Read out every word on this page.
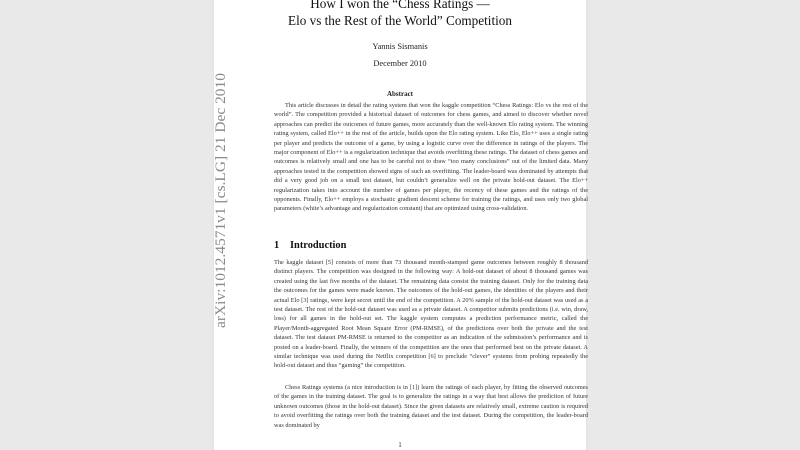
How I won the “Chess Ratings —
Elo vs the Rest of the World” Competition
Yannis Sismanis
December 2010
Abstract
This article discusses in detail the rating system that won the kaggle competition “Chess Ratings: Elo vs the rest of the world”. The competition provided a historical dataset of outcomes for chess games, and aimed to discover whether novel approaches can predict the outcomes of future games, more accurately than the well-known Elo rating system. The winning rating system, called Elo++ in the rest of the article, builds upon the Elo rating system. Like Elo, Elo++ uses a single rating per player and predicts the outcome of a game, by using a logistic curve over the difference in ratings of the players. The major component of Elo++ is a regularization technique that avoids overfitting these ratings. The dataset of chess games and outcomes is relatively small and one has to be careful not to draw “too many conclusions” out of the limited data. Many approaches tested in the competition showed signs of such an overfitting. The leader-board was dominated by attempts that did a very good job on a small test dataset, but couldn’t generalize well on the private hold-out dataset. The Elo++ regularization takes into account the number of games per player, the recency of these games and the ratings of the opponents. Finally, Elo++ employs a stochastic gradient descent scheme for training the ratings, and uses only two global parameters (white’s advantage and regularization constant) that are optimized using cross-validation.
1 Introduction
The kaggle dataset [5] consists of more than 73 thousand month-stamped game outcomes between roughly 8 thousand distinct players. The competition was designed in the following way: A hold-out dataset of about 8 thousand games was created using the last five months of the dataset. The remaining data consist the training dataset. Only for the training data the outcomes for the games were made known. The outcomes of the hold-out games, the identities of the players and their actual Elo [3] ratings, were kept secret until the end of the competition. A 20% sample of the hold-out dataset was used as a test dataset. The rest of the hold-out dataset was used as a private dataset. A competitor submits predictions (i.e. win, draw, loss) for all games in the hold-out set. The kaggle system computes a prediction performance metric, called the Player/Month-aggregated Root Mean Square Error (PM-RMSE), of the predictions over both the private and the test dataset. The test dataset PM-RMSE is returned to the competitor as an indication of the submission’s performance and is posted on a leader-board. Finally, the winners of the competition are the ones that performed best on the private dataset. A similar technique was used during the Netflix competition [6] to preclude “clever” systems from probing repeatedly the hold-out dataset and thus “gaming” the competition.
Chess Ratings systems (a nice introduction is in [1]) learn the ratings of each player, by fitting the observed outcomes of the games in the training dataset. The goal is to generalize the ratings in a way that best allows the prediction of future unknown outcomes (those in the hold-out dataset). Since the given datasets are relatively small, extreme caution is required to avoid overfitting the ratings over both the training dataset and the test dataset. During the competition, the leader-board was dominated by
1
arXiv:1012.4571v1 [cs.LG] 21 Dec 2010
